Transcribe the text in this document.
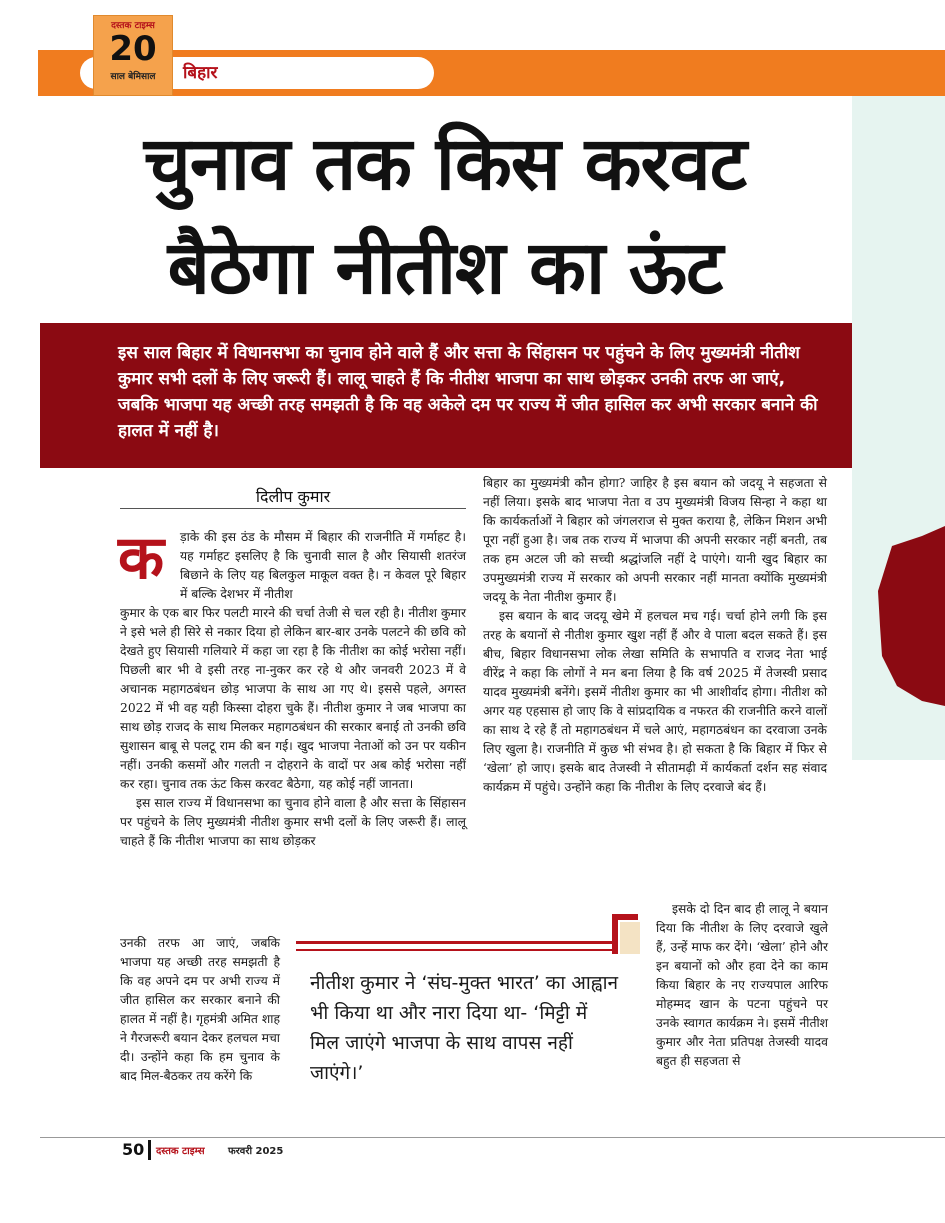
बिहार
दस्तक टाइम्स
20
साल बेमिसाल
चुनाव तक किस करवट
बैठेगा नीतीश का ऊंट
इस साल बिहार में विधानसभा का चुनाव होने वाले हैं और सत्ता के सिंहासन पर पहुंचने के लिए मुख्यमंत्री नीतीश कुमार सभी दलों के लिए जरूरी हैं। लालू चाहते हैं कि नीतीश भाजपा का साथ छोड़कर उनकी तरफ आ जाएं, जबकि भाजपा यह अच्छी तरह समझती है कि वह अकेले दम पर राज्य में जीत हासिल कर अभी सरकार बनाने की हालत में नहीं है।
दिलीप कुमार
क ड़ाके की इस ठंड के मौसम में बिहार की राजनीति में गर्माहट है। यह गर्माहट इसलिए है कि चुनावी साल है और सियासी शतरंज बिछाने के लिए यह बिलकुल माकूल वक्त है। न केवल पूरे बिहार में बल्कि देशभर में नीतीश

कुमार के एक बार फिर पलटी मारने की चर्चा तेजी से चल रही है। नीतीश कुमार ने इसे भले ही सिरे से नकार दिया हो लेकिन बार-बार उनके पलटने की छवि को देखते हुए सियासी गलियारे में कहा जा रहा है कि नीतीश का कोई भरोसा नहीं। पिछली बार भी वे इसी तरह ना-नुकर कर रहे थे और जनवरी 2023 में वे अचानक महागठबंधन छोड़ भाजपा के साथ आ गए थे। इससे पहले, अगस्त 2022 में भी वह यही किस्सा दोहरा चुके हैं। नीतीश कुमार ने जब भाजपा का साथ छोड़ राजद के साथ मिलकर महागठबंधन की सरकार बनाई तो उनकी छवि सुशासन बाबू से पलटू राम की बन गई। खुद भाजपा नेताओं को उन पर यकीन नहीं। उनकी कसमों और गलती न दोहराने के वादों पर अब कोई भरोसा नहीं कर रहा। चुनाव तक ऊंट किस करवट बैठेगा, यह कोई नहीं जानता।

इस साल राज्य में विधानसभा का चुनाव होने वाला है और सत्ता के सिंहासन पर पहुंचने के लिए मुख्यमंत्री नीतीश कुमार सभी दलों के लिए जरूरी हैं। लालू चाहते हैं कि नीतीश भाजपा का साथ छोड़कर

उनकी तरफ आ जाएं, जबकि भाजपा यह अच्छी तरह समझती है कि वह अपने दम पर अभी राज्य में जीत हासिल कर सरकार बनाने की हालत में नहीं है। गृहमंत्री अमित शाह ने गैरजरूरी बयान देकर हलचल मचा दी। उन्होंने कहा कि हम चुनाव के बाद मिल-बैठकर तय करेंगे कि

बिहार का मुख्यमंत्री कौन होगा? जाहिर है इस बयान को जदयू ने सहजता से नहीं लिया। इसके बाद भाजपा नेता व उप मुख्यमंत्री विजय सिन्हा ने कहा था कि कार्यकर्ताओं ने बिहार को जंगलराज से मुक्त कराया है, लेकिन मिशन अभी पूरा नहीं हुआ है। जब तक राज्य में भाजपा की अपनी सरकार नहीं बनती, तब तक हम अटल जी को सच्ची श्रद्धांजलि नहीं दे पाएंगे। यानी खुद बिहार का उपमुख्यमंत्री राज्य में सरकार को अपनी सरकार नहीं मानता क्योंकि मुख्यमंत्री जदयू के नेता नीतीश कुमार हैं।

इस बयान के बाद जदयू खेमे में हलचल मच गई। चर्चा होने लगी कि इस तरह के बयानों से नीतीश कुमार खुश नहीं हैं और वे पाला बदल सकते हैं। इस बीच, बिहार विधानसभा लोक लेखा समिति के सभापति व राजद नेता भाई वीरेंद्र ने कहा कि लोगों ने मन बना लिया है कि वर्ष 2025 में तेजस्वी प्रसाद यादव मुख्यमंत्री बनेंगे। इसमें नीतीश कुमार का भी आशीर्वाद होगा। नीतीश को अगर यह एहसास हो जाए कि वे सांप्रदायिक व नफरत की राजनीति करने वालों का साथ दे रहे हैं तो महागठबंधन में चले आएं, महागठबंधन का दरवाजा उनके लिए खुला है। राजनीति में कुछ भी संभव है। हो सकता है कि बिहार में फिर से ‘खेला’ हो जाए। इसके बाद तेजस्वी ने सीतामढ़ी में कार्यकर्ता दर्शन सह संवाद कार्यक्रम में पहुंचे। उन्होंने कहा कि नीतीश के लिए दरवाजे बंद हैं।

इसके दो दिन बाद ही लालू ने बयान दिया कि नीतीश के लिए दरवाजे खुले हैं, उन्हें माफ कर देंगे। ‘खेला’ होने और इन बयानों को और हवा देने का काम किया बिहार के नए राज्यपाल आरिफ मोहम्मद खान के पटना पहुंचने पर उनके स्वागत कार्यक्रम ने। इसमें नीतीश कुमार और नेता प्रतिपक्ष तेजस्वी यादव बहुत ही सहजता से

नीतीश कुमार ने ‘संघ-मुक्त भारत’ का आह्वान भी किया था और नारा दिया था- ‘मिट्टी में मिल जाएंगे भाजपा के साथ वापस नहीं जाएंगे।’
50 दस्तक टाइम्स फरवरी 2025
